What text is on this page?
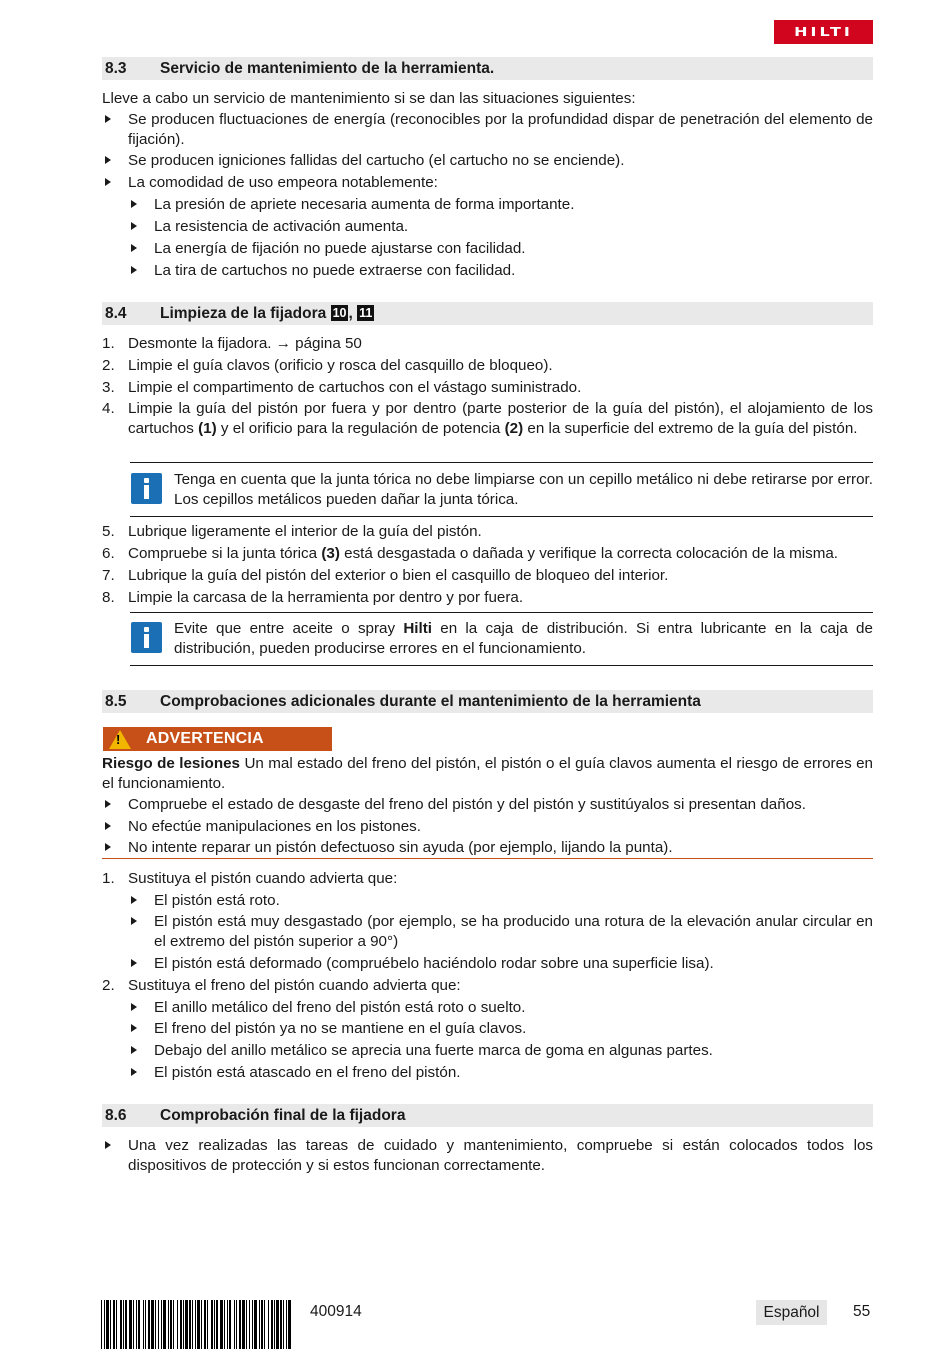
HILTI
8.3 Servicio de mantenimiento de la herramienta.
Lleve a cabo un servicio de mantenimiento si se dan las situaciones siguientes:
Se producen fluctuaciones de energía (reconocibles por la profundidad dispar de penetración del elemento de fijación).
Se producen igniciones fallidas del cartucho (el cartucho no se enciende).
La comodidad de uso empeora notablemente:
La presión de apriete necesaria aumenta de forma importante.
La resistencia de activación aumenta.
La energía de fijación no puede ajustarse con facilidad.
La tira de cartuchos no puede extraerse con facilidad.
8.4 Limpieza de la fijadora 10 , 11
1. Desmonte la fijadora. → página 50
2. Limpie el guía clavos (orificio y rosca del casquillo de bloqueo).
3. Limpie el compartimento de cartuchos con el vástago suministrado.
4. Limpie la guía del pistón por fuera y por dentro (parte posterior de la guía del pistón), el alojamiento de los cartuchos (1) y el orificio para la regulación de potencia (2) en la superficie del extremo de la guía del pistón.
Tenga en cuenta que la junta tórica no debe limpiarse con un cepillo metálico ni debe retirarse por error. Los cepillos metálicos pueden dañar la junta tórica.
5. Lubrique ligeramente el interior de la guía del pistón.
6. Compruebe si la junta tórica (3) está desgastada o dañada y verifique la correcta colocación de la misma.
7. Lubrique la guía del pistón del exterior o bien el casquillo de bloqueo del interior.
8. Limpie la carcasa de la herramienta por dentro y por fuera.
Evite que entre aceite o spray Hilti en la caja de distribución. Si entra lubricante en la caja de distribución, pueden producirse errores en el funcionamiento.
8.5 Comprobaciones adicionales durante el mantenimiento de la herramienta
! ADVERTENCIA
Riesgo de lesiones Un mal estado del freno del pistón, el pistón o el guía clavos aumenta el riesgo de errores en el funcionamiento.
Compruebe el estado de desgaste del freno del pistón y del pistón y sustitúyalos si presentan daños.
No efectúe manipulaciones en los pistones.
No intente reparar un pistón defectuoso sin ayuda (por ejemplo, lijando la punta).
1. Sustituya el pistón cuando advierta que:
El pistón está roto.
El pistón está muy desgastado (por ejemplo, se ha producido una rotura de la elevación anular circular en el extremo del pistón superior a 90°)
El pistón está deformado (compruébelo haciéndolo rodar sobre una superficie lisa).
2. Sustituya el freno del pistón cuando advierta que:
El anillo metálico del freno del pistón está roto o suelto.
El freno del pistón ya no se mantiene en el guía clavos.
Debajo del anillo metálico se aprecia una fuerte marca de goma en algunas partes.
El pistón está atascado en el freno del pistón.
8.6 Comprobación final de la fijadora
Una vez realizadas las tareas de cuidado y mantenimiento, compruebe si están colocados todos los dispositivos de protección y si estos funcionan correctamente.
400914	Español	55
